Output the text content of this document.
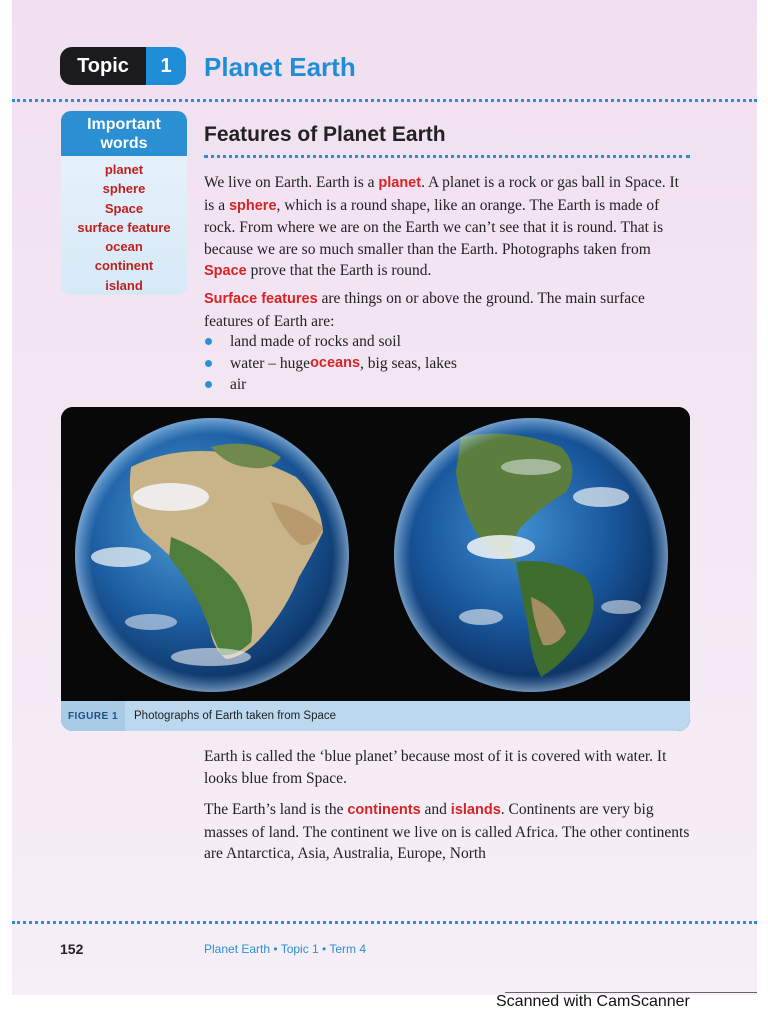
Topic	1	Planet Earth
Important
words
planet
sphere
Space
surface feature
ocean
continent
island
Features of Planet Earth

We live on Earth. Earth is a planet. A planet is a rock or gas ball in Space. It is a sphere, which is a round shape, like an orange. The Earth is made of rock. From where we are on the Earth we can’t see that it is round. That is because we are so much smaller than the Earth. Photographs taken from Space prove that the Earth is round.

Surface features are things on or above the ground. The main surface features of Earth are:

land made of rocks and soil
water – huge oceans , big seas, lakes
air
FIGURE 1	Photographs of Earth taken from Space

Earth is called the ‘blue planet’ because most of it is covered with water. It looks blue from Space.

The Earth’s land is the continents and islands. Continents are very big masses of land. The continent we live on is called Africa. The other continents are Antarctica, Asia, Australia, Europe, North

152	Planet Earth • Topic 1 • Term 4
Scanned with CamScanner
